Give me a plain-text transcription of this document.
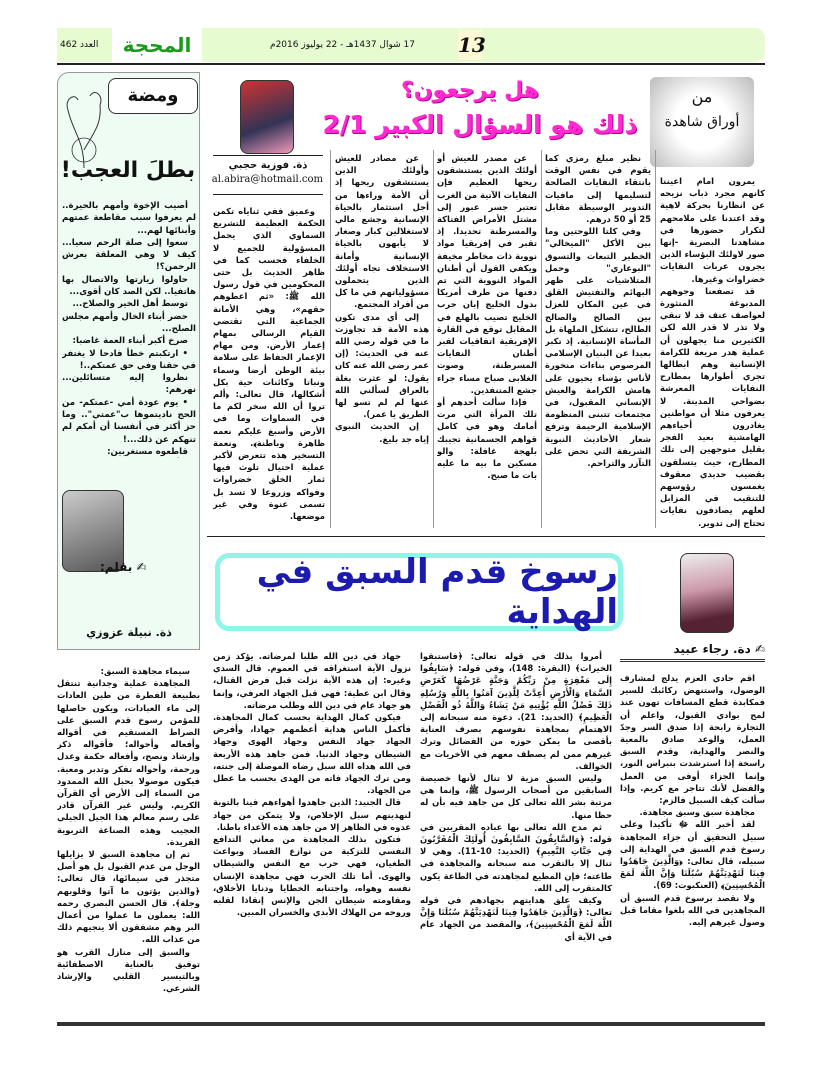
العدد 462	المحجة	17 شوال 1437هـ - 22 يوليوز 2016م 13
ومضة
بطلَ العجب!

أصيب الإخوة وأمهم بالحيرة.. لم يعرفوا سبب مقاطعة عمتهم وأبنائها لهم...

سعوا إلى صلة الرحم سعيا... كيف لا وهي المعلقة بعرش الرحمن؟!

حاولوا زيارتها والاتصال بها هاتفيا.. لكن الصد كان أقوى...

توسط أهل الخير والصلاح...

حضر أبناء الخال وأمهم مجلس الصلح...

صرخ أكبر أبناء العمة غاضبا:

• ارتكبتم خطأ فادحا لا يغتفر في حقنا وفي حق عمتكم..!

نظروا إليه متسائلين... نهرهم:

• يوم عودة أمي -عمتكم- من الحج ناديتموها ب"عمتي".. وما حز أكثر في أنفسنا أن أمكم لم تنهكم عن ذلك...!

قاطعوه مستغربين:

✍ بقلم:
ذة. نبيلة عزوزي
من
أوراق شاهدة
هل يرجعون؟
ذلك هو السؤال الكبير 2/1
ذة. فوزية حجبي
al.abira@hotmail.com	يمرون امام اعيننا كانهم مجرد ذباب نزيحه عن انظارنا بحركة لاهية وقد اعتدنا على ملامحهم لتكرار حضورها في مشاهدنا البصرية -إنها صور لاولئك البؤساء الذين يجرون عربات النفايات خضراوات وغيرها.

قد تصفعنا وجوههم المدبوغة المنثورة لعواصف عنف قد لا تبقي ولا تذر لا قدر الله لكن الكثيرين منا يجهلون أن عملية هدر مريعة للكرامة الإنسانية وهم ابطالها تجري أطوارها بمطارح النفايات المعرشة بضواحي المدينة. لا يعرفون مثلا أن مواطنين يغادرون أحياءهم الهامشية بعيد الفجر بقليل متوجهين إلى تلك المطارح، حيث يتسلقون بقضيب حديدي معقوف يغمسون رؤوسهم للتنقيب في المزابل لعلهم يصادفون نفايات تحتاج إلى تدوير.

نظير مبلغ رمزي كما يقوم في نفس الوقت بانتقاء النفايات الصالحة لتسليمها إلى مافيات التدوير الوسيطة مقابل 25 أو 50 درهم.

وفي كلتا اللوحتين وما بين الأكل "الميخالي" الخطير التبعات والتسوق "البوعاري" وحمل المتلاشيات على ظهر البهائم والتفتيش القلق في عين المكان للعزل بين الصالح والصالح الطالح، تتشكل الملهاة بل المأساة الإنسانية. إذ تكبر بعيدا عن البنيان الإسلامي المرصوص بناءات منخورة لأناس بؤساء يحيون على هامش الكرامة والعيش الإنساني المقبول، في مجتمعات تتبنى المنظومة الإسلامية الرحيمة وترفع شعار الأحاديث النبوية الشريفة التي تحض على التآزر والتراحم.

عن مصدر للعيش أو أولئك الذين يستنشقون ريحها العظيم فإن النفايات الآتية من الغرب تعتبر جسر عبور إلى مشتل الأمراض الفتاكة والمسرطنة تحديدا. إذ تقبر في إفريقيا مواد نووية ذات مخاطر مخيفة ويكفي القول أن أطنان المواد النووية التي تم دفنها من طرف أمريكا بدول الخليج إبان حرب الخليج تصيب بالهلع في المقابل توقع في القارة الإفريقية اتفاقيات لقبر أطنان النفايات المسرطنة، وصوت الغلابى صباح مساء جراء جشع المتنفذين.

فإذا سألت أحدهم أو تلك المرأة التي مرت أمامك وهو في كامل قواهم الجسمانية تجيبك بلهجة غافلة: والو مسكين ما بيه ما عليه بات ما صبح.

عن مصادر للعيش وأولئك الذين يستنشقون ريحها إذ أن الأمة وراءها من أجل استثمار بالحياة الإنسانية وجشع مالي لاستغلالين كبار وصغار لا يأبهون بالحياة الإنسانية وأمانة الاستخلاف تجاه أولئك الذين يتحملون مسؤولياتهم في ما كل من أفراد المجتمع.

إلى أي مدى تكون هذه الأمة قد تجاوزت ما في قوله رضي الله عنه في الحديث: (إن عمر رضي الله عنه كان يقول: لو عثرت بغلة بالعراق لسألني الله عنها لم لم تسو لها الطريق يا عمر).

إن الحديث النبوي إياه جد بليغ.

وعميق ففي ثناياه تكمن الحكمة العظيمة للتشريع السماوي الذي يحمل المسؤولية للجميع لا الخلفاء فحسب كما في ظاهر الحديث بل حتى المحكومين في قول رسول الله ﷺ: «ثم اعطوهم حقهم»، وهي الأمانة الجماعية التي تقتضي القيام الرسالي بمهام إعمار الأرض. ومن مهام الإعمار الحفاظ على سلامة بيئة الوطن أرضا وسماء ونباتا وكائنات حية بكل أشكالها، قال تعالى: ﴿ألم تروا أن الله سخر لكم ما في السماوات وما في الأرض وأسبغ عليكم نعمه ظاهرة وباطنة﴾. ونعمة التسخير هذه تتعرض لأكبر عملية احتيال تلوث فيها ثمار الخلق خضراوات وفواكه وزروعا لا تسد بل تسمى عنوة وفي غير موضعها.

رسوخ قدم السبق في الهداية
✍ دة. رجاء عبيد

اقم حادي العزم يدلج لمشارف الوصول، واستنهض ركائبك للسير فمكابدة قطع المسافات تهون عند لمح بوادي القبول، واعلم أن التجارة رابحة إذا صدق السر وجدّ العمل، والوعد صادق بالمعية والنصر والهداية، وقدم السبق راسخة إذا استرشدت بنبراس النور، وإنما الجزاء أوفى من العمل والفضل لأنك تتاجر مع كريم. وإذا سألت كيف السبيل فالزم:

مجاهدة سبق وسبق مجاهدة.

لقد أخبر الله ﷻ تأكيدا وعلى سبيل التحقيق أن جزاء المجاهدة رسوخ قدم السبق في الهداية إلى سبيله، قال تعالى: ﴿وَالَّذِينَ جَاهَدُوا فِينَا لَنَهْدِيَنَّهُمْ سُبُلَنَا وَإِنَّ اللَّهَ لَمَعَ الْمُحْسِنِينَ﴾ (العنكبوت: 69).

ولا نقصد برسوخ قدم السبق أن المجاهدين في الله بلغوا مقاما قبل وصول غيرهم إليه.

أمروا بذلك في قوله تعالى: ﴿فاستبقوا الخيرات﴾ (البقرة: 148)، وفي قوله: ﴿سَابِقُوا إِلَى مَغْفِرَةٍ مِنْ رَبِّكُمْ وَجَنَّةٍ عَرْضُهَا كَعَرْضِ السَّمَاءِ وَالْأَرْضِ أُعِدَّتْ لِلَّذِينَ آمَنُوا بِاللَّهِ وَرُسُلِهِ ذَلِكَ فَضْلُ اللَّهِ يُؤْتِيهِ مَنْ يَشَاءُ وَاللَّهُ ذُو الْفَضْلِ الْعَظِيمِ﴾ (الحديد: 21). دعوة منه سبحانه إلى الاهتمام بمجاهدة نفوسهم بصرف العناية بأقصى ما يمكن حوزه من الفضائل وترك غيرهم ممن لم يصطف معهم في الأخريات مع الخوالف.

وليس السبق مزية لا تنال لأنها خصيصة السابقين من أصحاب الرسول ﷺ، وإنما هي مرتبة بشر الله تعالى كل من جاهد فيه بأن له حظا منها.

ثم مدح الله تعالى بها عباده المقربين في قوله: ﴿وَالسَّابِقُونَ السَّابِقُونَ أُولَئِكَ الْمُقَرَّبُونَ فِي جَنَّاتِ النَّعِيمِ﴾ (الحديد: 10-11). وهي لا تنال إلا بالتقرب منه سبحانه والمجاهدة في طاعته؛ فإن المطيع لمجاهدته في الطاعة يكون كالمتقرب إلى الله.

وكيف علق هدايتهم بجهادهم في قوله تعالى: ﴿وَالَّذِينَ جَاهَدُوا فِينَا لَنَهْدِيَنَّهُمْ سُبُلَنَا وَإِنَّ اللَّهَ لَمَعَ الْمُحْسِنِينَ﴾، والمقصد من الجهاد عام في الآية أي

جهاد في دين الله طلبا لمرضاته. يؤكد زمن نزول الآية استغراقه في العموم. قال السدي وغيره: إن هذه الآية نزلت قبل فرض القتال، وقال ابن عطية: فهي قبل الجهاد العرفي، وإنما هو جهاد عام في دين الله وطلب مرضاته.

فيكون كمال الهداية بحسب كمال المجاهدة. فأكمل الناس هداية أعظمهم جهادا، وأفرض الجهاد جهاد النفس وجهاد الهوى وجهاد الشيطان وجهاد الدنيا. فمن جاهد هذه الأربعة في الله هداه الله سبل رضاه الموصلة إلى جنته، ومن ترك الجهاد فاته من الهدى بحسب ما عطل من الجهاد.

قال الجنيد: الذين جاهدوا أهواءهم فينا بالتوبة لنهدينهم سبل الإخلاص، ولا يتمكن من جهاد عدوه في الظاهر إلا من جاهد هذه الأعداء باطنا.

فتكون بذلك المجاهدة من معاني التدافع النفسي للتزكية من نوازع الفساد وبواعث الطغيان، فهي حرب مع النفس والشيطان والهوى. أما تلك الحرب فهي مجاهدة الإنسان نفسه وهواه، واجتنابه الخطايا ودنايا الأخلاق، ومقاومته شيطان الجن والإنس إنقاذا لقلبه وروحه من الهلاك الأبدي والخسران المبين.

سيماء مجاهدة السبق:

المجاهدة عملية وجدانية تنتقل بطبيعة الفطرة من طين العادات إلى ماء العبادات، ويكون حاصلها للمؤمن رسوخ قدم السبق على الصراط المستقيم في أقواله وأفعاله وأحواله؛ فأقواله ذكر وإرشاد ونصح، وأفعاله حكمة وعدل ورحمة، وأحواله تفكر وتدبر ومعية. فيكون موصولا بحبل الله الممدود من السماء إلى الأرض أي القرآن الكريم. وليس غير القرآن قادر على رسم معالم هذا الجيل الجيلي العجيب وهذه الصناعة التربوية الفريدة.

ثم إن مجاهدة السبق لا يزايلها الوجل من عدم القبول بل هو أصل متجذر في سيمائها، قال تعالى: ﴿والذين يؤتون ما آتوا وقلوبهم وجلة﴾. قال الحسن البصري رحمه الله: يعملون ما عملوا من أعمال البر وهم مشفقون ألا ينجيهم ذلك من عذاب الله.

والسبق إلى منازل القرب هو توفيق بالعناية الاصطفائية وبالتيسير القلبي والإرشاد الشرعي.
